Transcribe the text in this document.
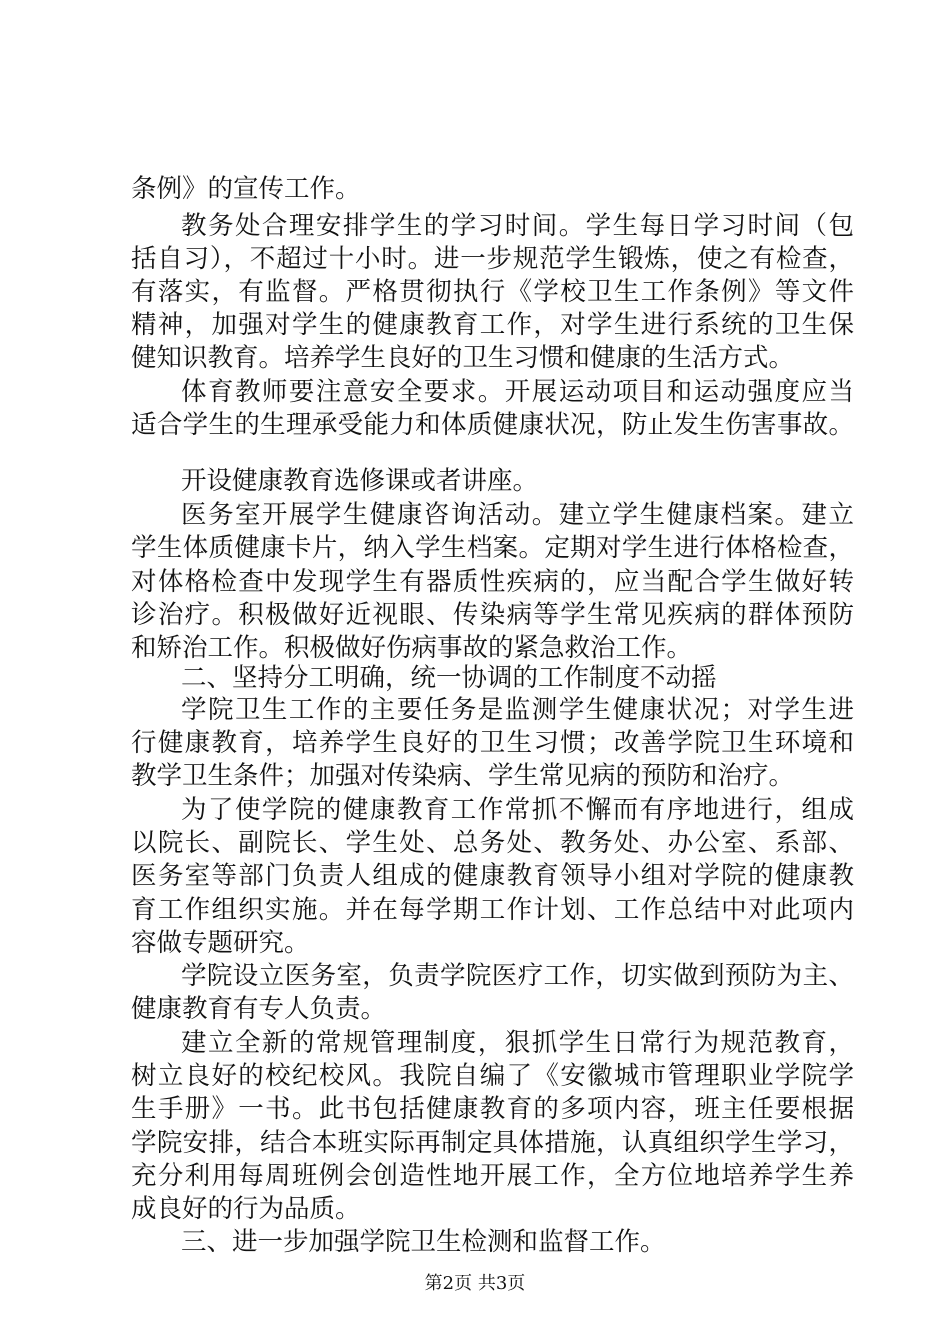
条例》的宣传工作。
教务处合理安排学生的学习时间。学生每日学习时间（包
括自习），不超过十小时。进一步规范学生锻炼，使之有检查，
有落实，有监督。严格贯彻执行《学校卫生工作条例》等文件
精神，加强对学生的健康教育工作，对学生进行系统的卫生保
健知识教育。培养学生良好的卫生习惯和健康的生活方式。
体育教师要注意安全要求。开展运动项目和运动强度应当
适合学生的生理承受能力和体质健康状况，防止发生伤害事故。
开设健康教育选修课或者讲座。
医务室开展学生健康咨询活动。建立学生健康档案。建立
学生体质健康卡片，纳入学生档案。定期对学生进行体格检查，
对体格检查中发现学生有器质性疾病的，应当配合学生做好转
诊治疗。积极做好近视眼、传染病等学生常见疾病的群体预防
和矫治工作。积极做好伤病事故的紧急救治工作。
二、坚持分工明确，统一协调的工作制度不动摇
学院卫生工作的主要任务是监测学生健康状况；对学生进
行健康教育，培养学生良好的卫生习惯；改善学院卫生环境和
教学卫生条件；加强对传染病、学生常见病的预防和治疗。
为了使学院的健康教育工作常抓不懈而有序地进行，组成
以院长、副院长、学生处、总务处、教务处、办公室、系部、
医务室等部门负责人组成的健康教育领导小组对学院的健康教
育工作组织实施。并在每学期工作计划、工作总结中对此项内
容做专题研究。
学院设立医务室，负责学院医疗工作，切实做到预防为主、
健康教育有专人负责。
建立全新的常规管理制度，狠抓学生日常行为规范教育，
树立良好的校纪校风。我院自编了《安徽城市管理职业学院学
生手册》一书。此书包括健康教育的多项内容，班主任要根据
学院安排，结合本班实际再制定具体措施，认真组织学生学习，
充分利用每周班例会创造性地开展工作，全方位地培养学生养
成良好的行为品质。
三、进一步加强学院卫生检测和监督工作。
第2页 共3页
